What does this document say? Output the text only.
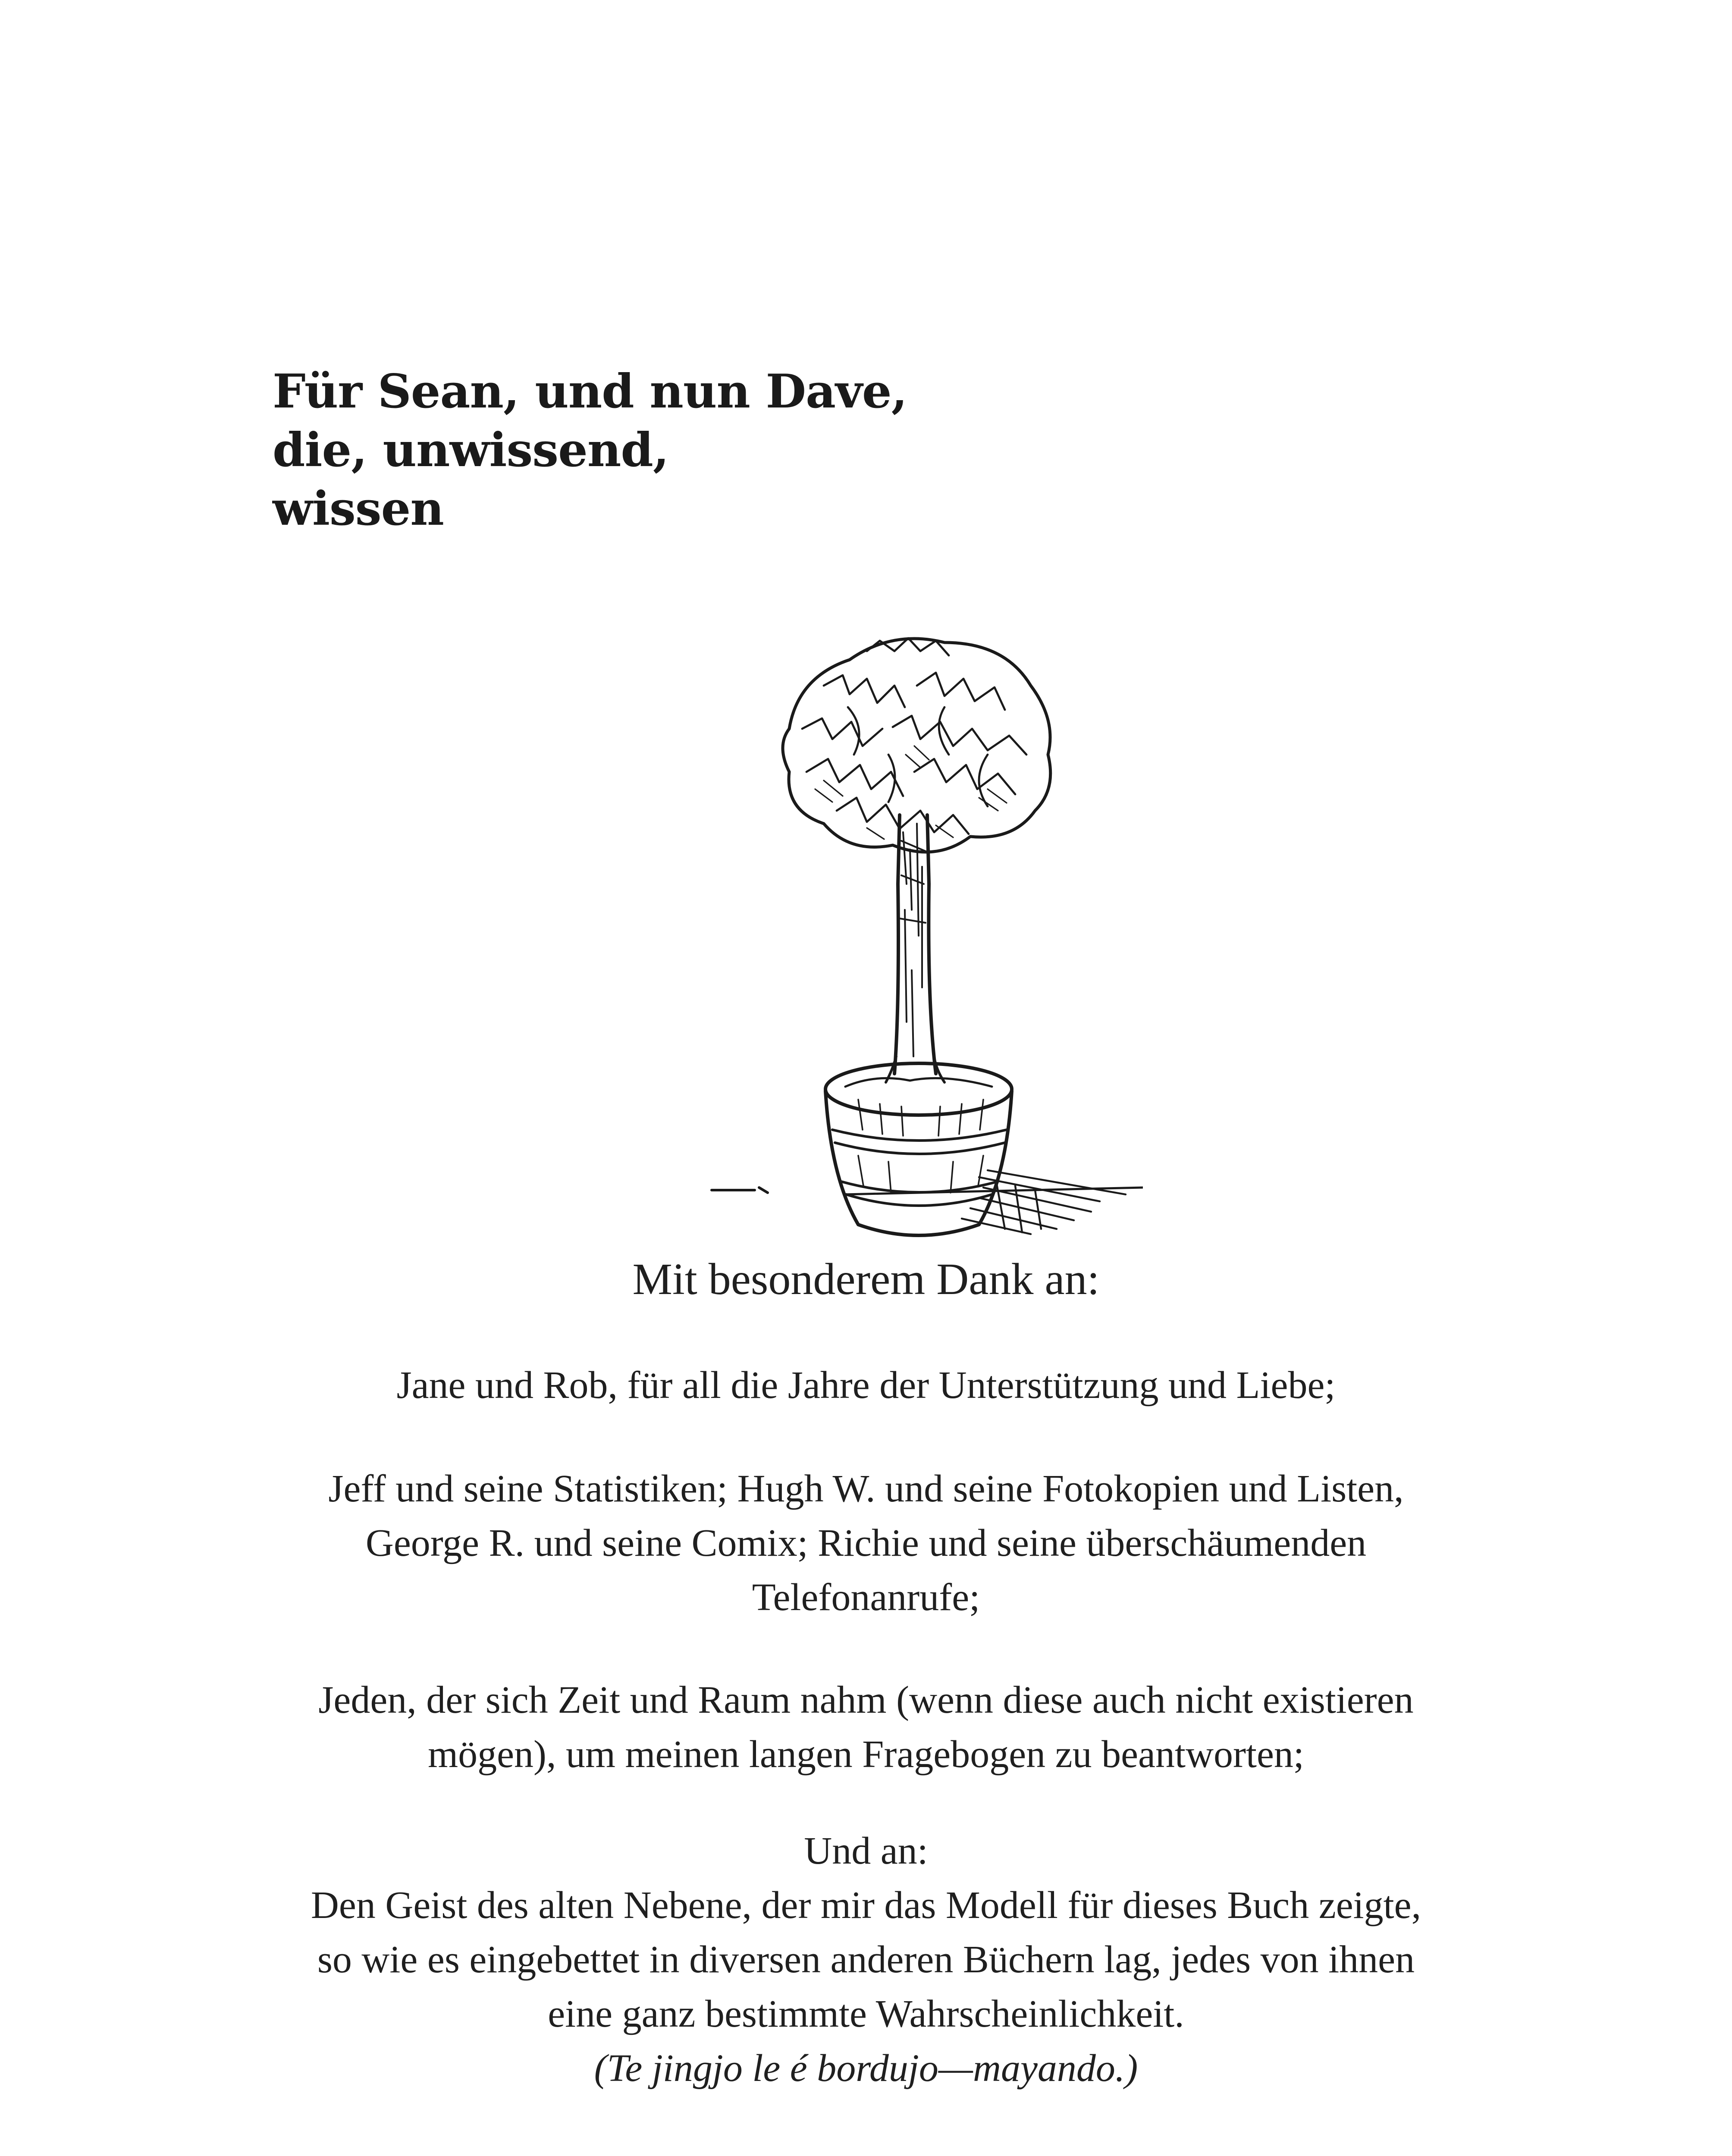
Für Sean, und nun Dave,
die, unwissend,
wissen
Mit besonderem Dank an:
Jane und Rob, für all die Jahre der Unterstützung und Liebe;
Jeff und seine Statistiken; Hugh W. und seine Fotokopien und Listen,
George R. und seine Comix; Richie und seine überschäumenden
Telefonanrufe;
Jeden, der sich Zeit und Raum nahm (wenn diese auch nicht existieren
mögen), um meinen langen Fragebogen zu beantworten;
Und an:
Den Geist des alten Nebene, der mir das Modell für dieses Buch zeigte,
so wie es eingebettet in diversen anderen Büchern lag, jedes von ihnen
eine ganz bestimmte Wahrscheinlichkeit.
(Te jingjo le é bordujo—mayando.)
